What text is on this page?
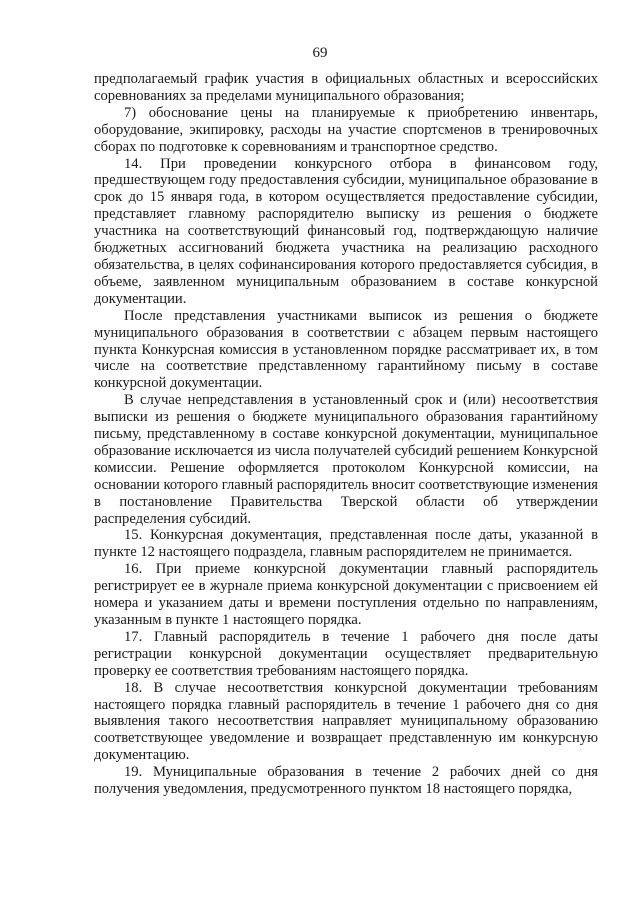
69

предполагаемый график участия в официальных областных и всероссийских соревнованиях за пределами муниципального образования;

7) обоснование цены на планируемые к приобретению инвентарь, оборудование, экипировку, расходы на участие спортсменов в тренировочных сборах по подготовке к соревнованиям и транспортное средство.

14. При проведении конкурсного отбора в финансовом году, предшествующем году предоставления субсидии, муниципальное образование в срок до 15 января года, в котором осуществляется предоставление субсидии, представляет главному распорядителю выписку из решения о бюджете участника на соответствующий финансовый год, подтверждающую наличие бюджетных ассигнований бюджета участника на реализацию расходного обязательства, в целях софинансирования которого предоставляется субсидия, в объеме, заявленном муниципальным образованием в составе конкурсной документации.

После представления участниками выписок из решения о бюджете муниципального образования в соответствии с абзацем первым настоящего пункта Конкурсная комиссия в установленном порядке рассматривает их, в том числе на соответствие представленному гарантийному письму в составе конкурсной документации.

В случае непредставления в установленный срок и (или) несоответствия выписки из решения о бюджете муниципального образования гарантийному письму, представленному в составе конкурсной документации, муниципальное образование исключается из числа получателей субсидий решением Конкурсной комиссии. Решение оформляется протоколом Конкурсной комиссии, на основании которого главный распорядитель вносит соответствующие изменения в постановление Правительства Тверской области об утверждении распределения субсидий.

15. Конкурсная документация, представленная после даты, указанной в пункте 12 настоящего подраздела, главным распорядителем не принимается.

16. При приеме конкурсной документации главный распорядитель регистрирует ее в журнале приема конкурсной документации с присвоением ей номера и указанием даты и времени поступления отдельно по направлениям, указанным в пункте 1 настоящего порядка.

17. Главный распорядитель в течение 1 рабочего дня после даты регистрации конкурсной документации осуществляет предварительную проверку ее соответствия требованиям настоящего порядка.

18. В случае несоответствия конкурсной документации требованиям настоящего порядка главный распорядитель в течение 1 рабочего дня со дня выявления такого несоответствия направляет муниципальному образованию соответствующее уведомление и возвращает представленную им конкурсную документацию.

19. Муниципальные образования в течение 2 рабочих дней со дня получения уведомления, предусмотренного пунктом 18 настоящего порядка,
